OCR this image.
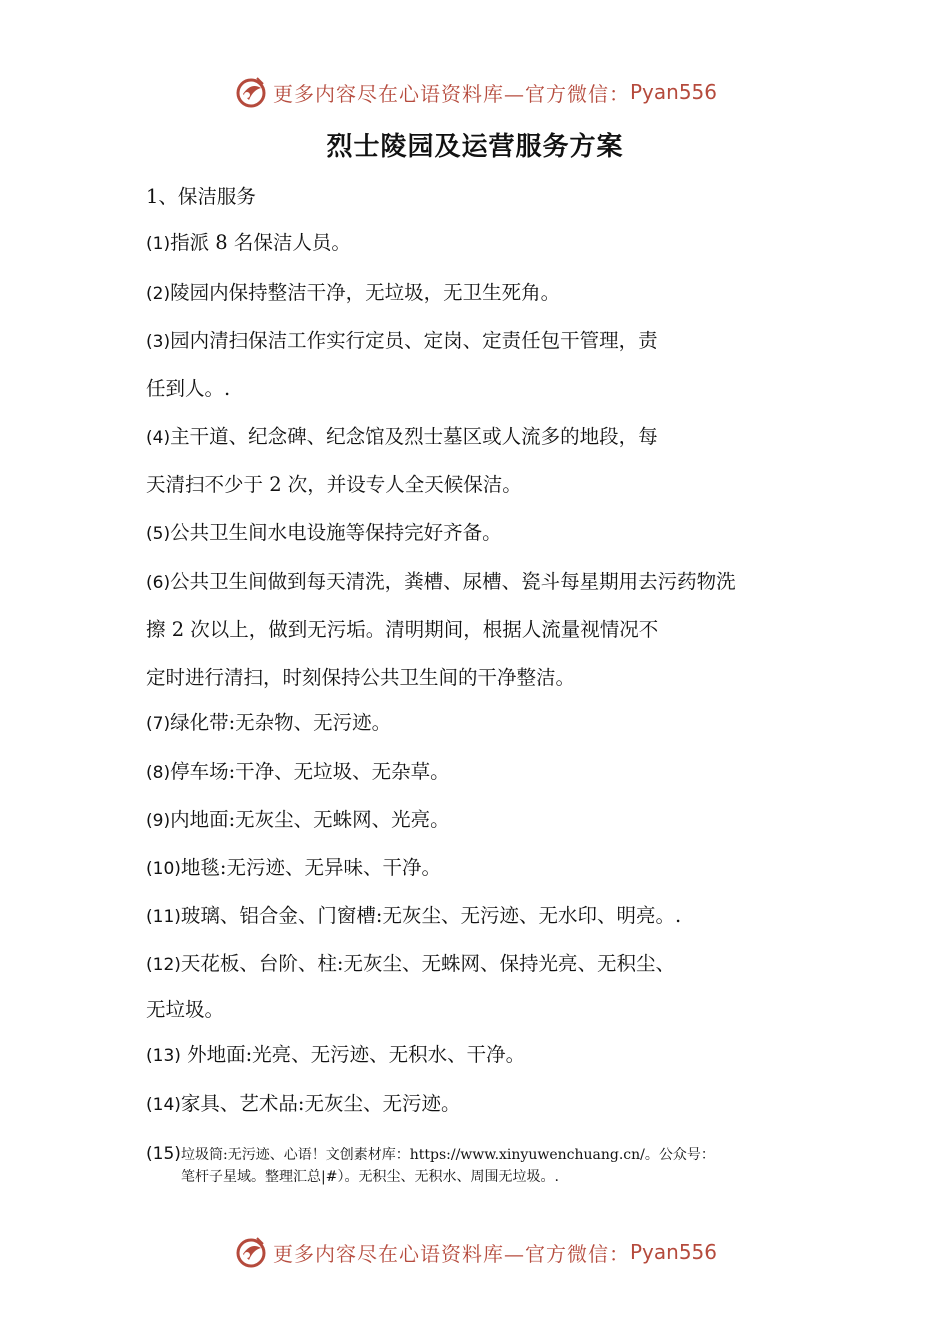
更多内容尽在心语资料库—官方微信： Pyan556
烈士陵园及运营服务方案
1、保洁服务
(1)指派 8 名保洁人员。
(2)陵园内保持整洁干净，无垃圾，无卫生死角。
(3)园内清扫保洁工作实行定员、定岗、定责任包干管理，责
任到人。.
(4)主干道、纪念碑、纪念馆及烈士墓区或人流多的地段，每
天清扫不少于 2 次，并设专人全天候保洁。
(5)公共卫生间水电设施等保持完好齐备。
(6)公共卫生间做到每天清洗，粪槽、尿槽、瓷斗每星期用去污药物洗
擦 2 次以上，做到无污垢。清明期间，根据人流量视情况不
定时进行清扫，时刻保持公共卫生间的干净整洁。
(7)绿化带:无杂物、无污迹。
(8)停车场:干净、无垃圾、无杂草。
(9)内地面:无灰尘、无蛛网、光亮。
(10)地毯:无污迹、无异味、干净。
(11)玻璃、铝合金、门窗槽:无灰尘、无污迹、无水印、明亮。.
(12)天花板、台阶、柱:无灰尘、无蛛网、保持光亮、无积尘、
无垃圾。
(13) 外地面:光亮、无污迹、无积水、干净。
(14)家具、艺术品:无灰尘、无污迹。
(15) 垃圾筒:无污迹、心语！文创素材库：https://www.xinyuwenchuang.cn/。公众号：
笔杆子星域。整理汇总|#）。无积尘、无积水、周围无垃圾。.
更多内容尽在心语资料库—官方微信： Pyan556
